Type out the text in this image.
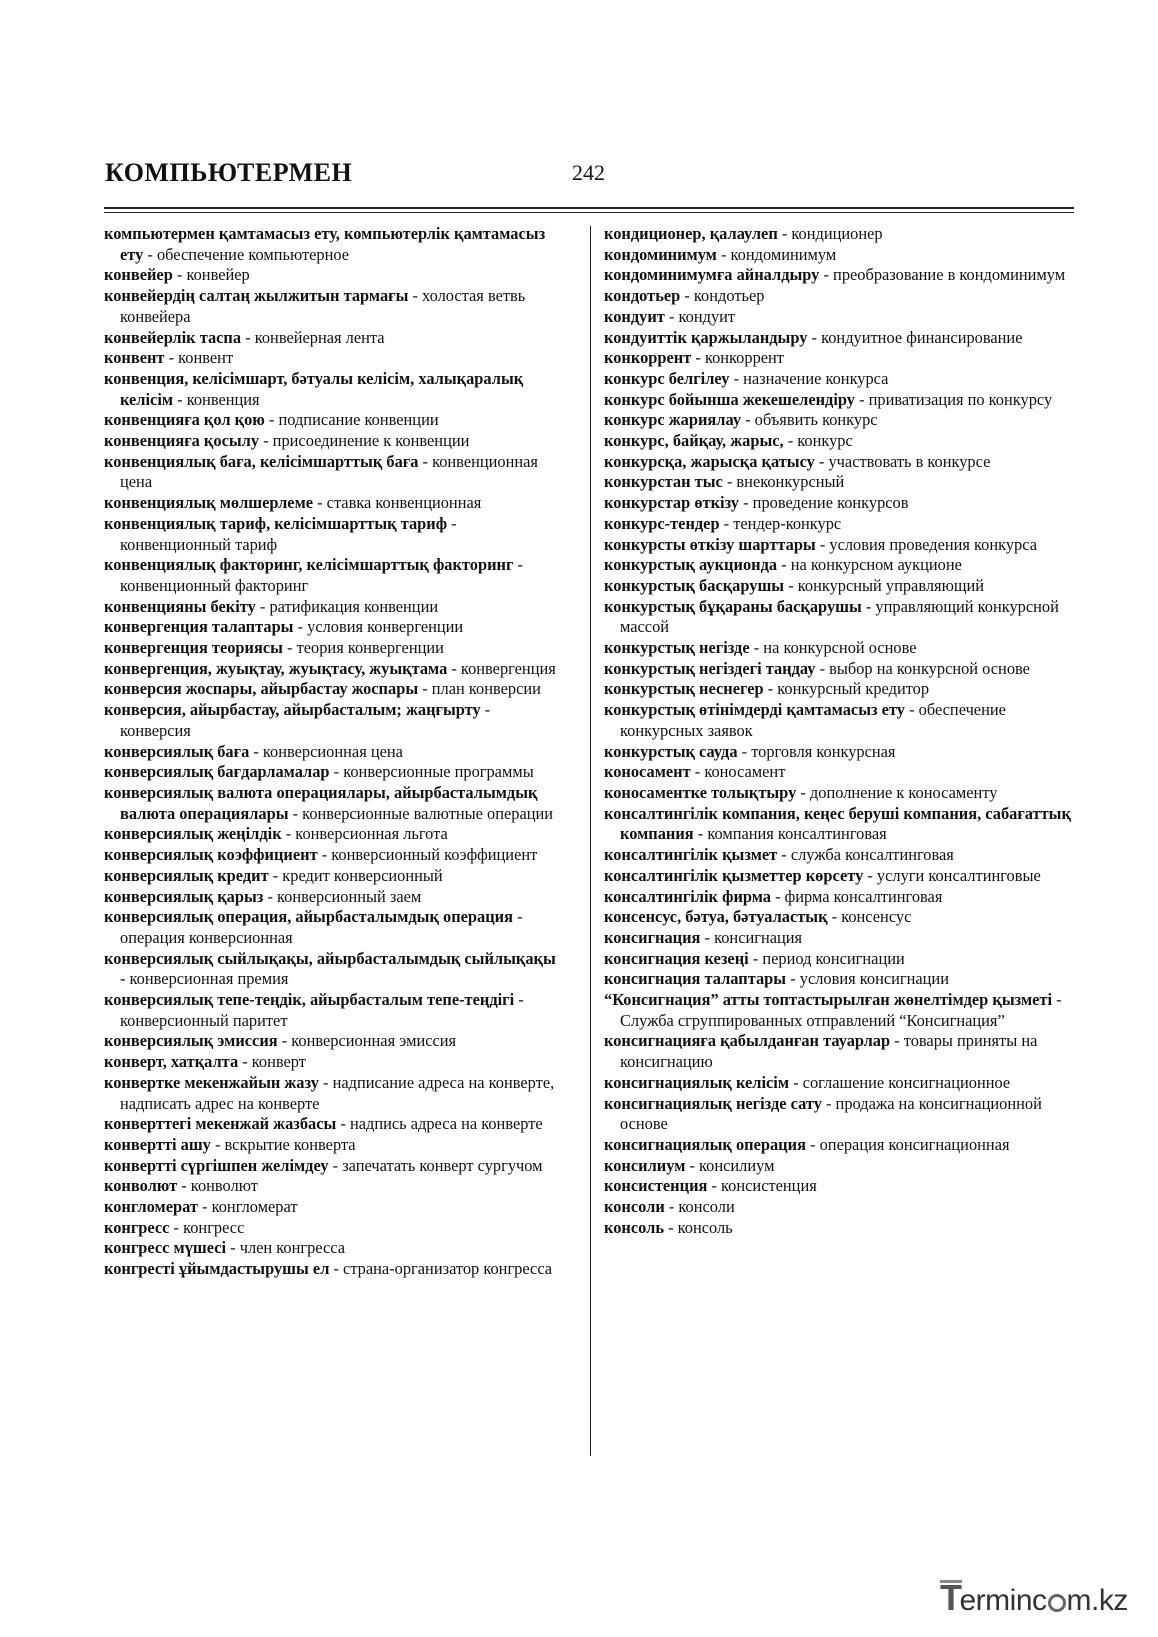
КОМПЬЮТЕРМЕН	242

компьютермен қамтамасыз ету, компьютерлік қамтамасыз ету - обеспечение компьютерное

конвейер - конвейер

конвейердің салтаң жылжитын тармағы - холостая ветвь конвейера

конвейерлік таспа - конвейерная лента

конвент - конвент

конвенция, келісімшарт, бәтуалы келісім, халықаралық келісім - конвенция

конвенцияға қол қою - подписание конвенции

конвенцияға қосылу - присоединение к конвенции

конвенциялық баға, келісімшарттық баға - конвенционная цена

конвенциялық мөлшерлеме - ставка конвенционная

конвенциялық тариф, келісімшарттық тариф - конвенционный тариф

конвенциялық факторинг, келісімшарттық факторинг - конвенционный факторинг

конвенцияны бекіту - ратификация конвенции

конвергенция талаптары - условия конвергенции

конвергенция теориясы - теория конвергенции

конвергенция, жуықтау, жуықтасу, жуықтама - конвергенция

конверсия жоспары, айырбастау жоспары - план конверсии

конверсия, айырбастау, айырбасталым; жаңғырту - конверсия

конверсиялық баға - конверсионная цена

конверсиялық бағдарламалар - конверсионные программы

конверсиялық валюта операциялары, айырбасталымдық валюта операциялары - конверсионные валютные операции

конверсиялық жеңілдік - конверсионная льгота

конверсиялық коэффициент - конверсионный коэффициент

конверсиялық кредит - кредит конверсионный

конверсиялық қарыз - конверсионный заем

конверсиялық операция, айырбасталымдық операция - операция конверсионная

конверсиялық сыйлықақы, айырбасталымдық сыйлықақы - конверсионная премия

конверсиялық тепе-теңдік, айырбасталым тепе-теңдігі - конверсионный паритет

конверсиялық эмиссия - конверсионная эмиссия

конверт, хатқалта - конверт

конвертке мекенжайын жазу - надписание адреса на конверте, надписать адрес на конверте

конверттегі мекенжай жазбасы - надпись адреса на конверте

конвертті ашу - вскрытие конверта

конвертті сүргішпен желімдеу - запечатать конверт сургучом

конволют - конволют

конгломерат - конгломерат

конгресс - конгресс

конгресс мүшесі - член конгресса

конгресті ұйымдастырушы ел - страна-организатор конгресса

кондиционер, қалаулеп - кондиционер

кондоминимум - кондоминимум

кондоминимумға айналдыру - преобразование в кондоминимум

кондотьер - кондотьер

кондуит - кондуит

кондуиттік қаржыландыру - кондуитное финансирование

конкоррент - конкоррент

конкурс белгілеу - назначение конкурса

конкурс бойынша жекешелендіру - приватизация по конкурсу

конкурс жариялау - объявить конкурс

конкурс, байқау, жарыс, - конкурс

конкурсқа, жарысқа қатысу - участвовать в конкурсе

конкурстан тыс - внеконкурсный

конкурстар өткізу - проведение конкурсов

конкурс-тендер - тендер-конкурс

конкурсты өткізу шарттары - условия проведения конкурса

конкурстық аукционда - на конкурсном аукционе

конкурстық басқарушы - конкурсный управляющий

конкурстық бұқараны басқарушы - управляющий конкурсной массой

конкурстық негізде - на конкурсной основе

конкурстық негіздегі таңдау - выбор на конкурсной основе

конкурстық неснегер - конкурсный кредитор

конкурстық өтінімдерді қамтамасыз ету - обеспечение конкурсных заявок

конкурстық сауда - торговля конкурсная

коносамент - коносамент

коносаментке толықтыру - дополнение к коносаменту

консалтингілік компания, кеңес беруші компания, сабағаттық компания - компания консалтинговая

консалтингілік қызмет - служба консалтинговая

консалтингілік қызметтер көрсету - услуги консалтинговые

консалтингілік фирма - фирма консалтинговая

консенсус, бәтуа, бәтуаластық - консенсус

консигнация - консигнация

консигнация кезеңі - период консигнации

консигнация талаптары - условия консигнации

“Консигнация” атты топтастырылған жөнелтімдер қызметі - Служба сгруппированных отправлений “Консигнация”

консигнацияға қабылданған тауарлар - товары приняты на консигнацию

консигнациялық келісім - соглашение консигнационное

консигнациялық негізде сату - продажа на консигнационной основе

консигнациялық операция - операция консигнационная

консилиум - консилиум

консистенция - консистенция

консоли - консоли

консоль - консоль

Terminc m.kz
